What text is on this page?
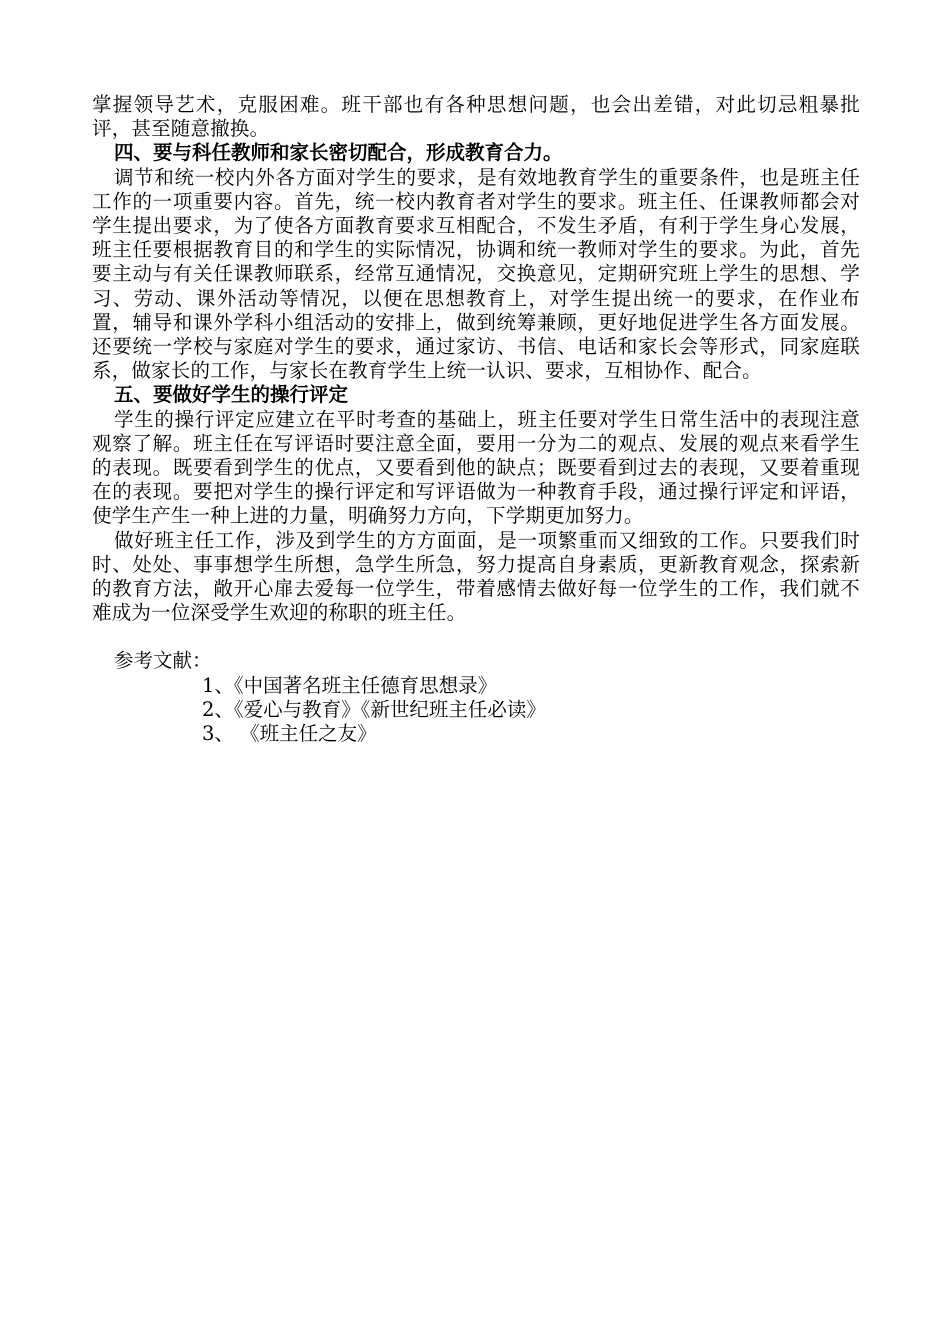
掌握领导艺术，克服困难。班干部也有各种思想问题，也会出差错，对此切忌粗暴批评，甚至随意撤换。

四、要与科任教师和家长密切配合，形成教育合力。

调节和统一校内外各方面对学生的要求，是有效地教育学生的重要条件，也是班主任工作的一项重要内容。首先，统一校内教育者对学生的要求。班主任、任课教师都会对学生提出要求，为了使各方面教育要求互相配合，不发生矛盾，有利于学生身心发展，班主任要根据教育目的和学生的实际情况，协调和统一教师对学生的要求。为此，首先要主动与有关任课教师联系，经常互通情况，交换意见，定期研究班上学生的思想、学习、劳动、课外活动等情况，以便在思想教育上，对学生提出统一的要求，在作业布置，辅导和课外学科小组活动的安排上，做到统筹兼顾，更好地促进学生各方面发展。还要统一学校与家庭对学生的要求，通过家访、书信、电话和家长会等形式，同家庭联系，做家长的工作，与家长在教育学生上统一认识、要求，互相协作、配合。

五、要做好学生的操行评定

学生的操行评定应建立在平时考查的基础上，班主任要对学生日常生活中的表现注意观察了解。班主任在写评语时要注意全面，要用一分为二的观点、发展的观点来看学生的表现。既要看到学生的优点，又要看到他的缺点；既要看到过去的表现，又要着重现在的表现。要把对学生的操行评定和写评语做为一种教育手段，通过操行评定和评语，使学生产生一种上进的力量，明确努力方向，下学期更加努力。

做好班主任工作，涉及到学生的方方面面，是一项繁重而又细致的工作。只要我们时时、处处、事事想学生所想，急学生所急，努力提高自身素质，更新教育观念，探索新的教育方法，敞开心扉去爱每一位学生，带着感情去做好每一位学生的工作，我们就不难成为一位深受学生欢迎的称职的班主任。

参考文献：

1、《中国著名班主任德育思想录》

2、《爱心与教育》《新世纪班主任必读》

3、 《班主任之友》
